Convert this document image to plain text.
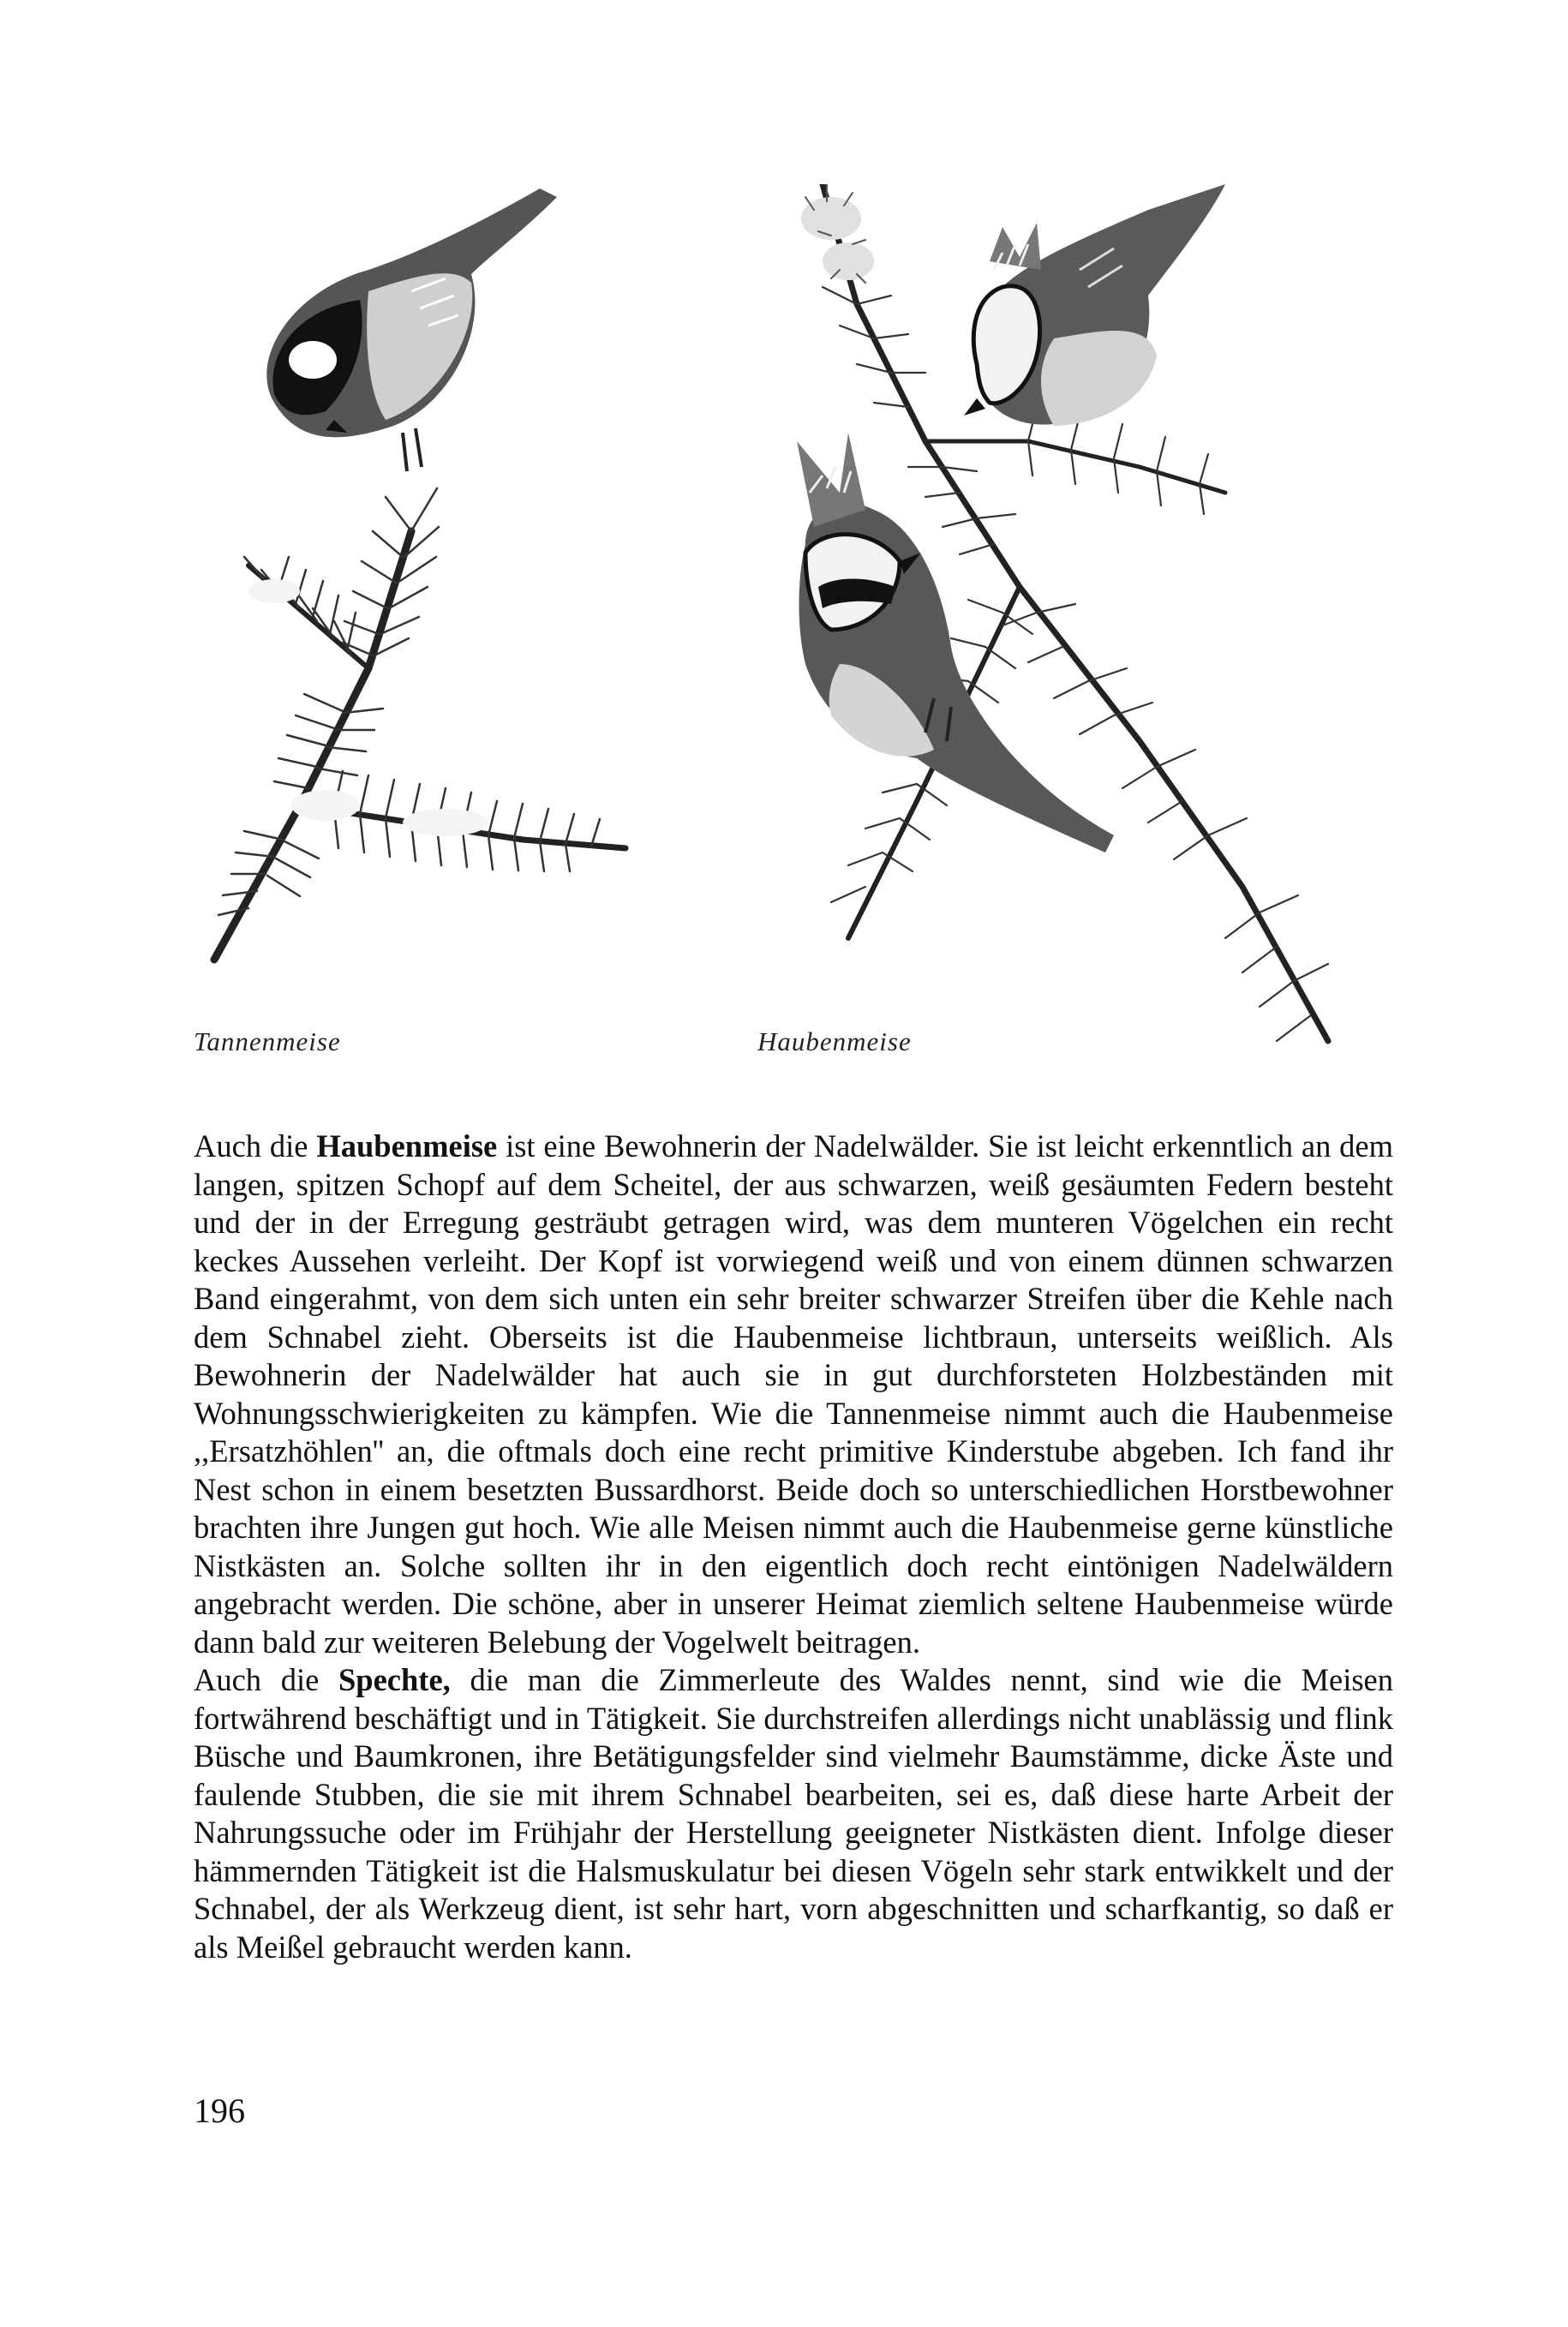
Tannenmeise	Haubenmeise

Auch die Haubenmeise ist eine Bewohnerin der Nadelwälder. Sie ist leicht erkenntlich an dem langen, spitzen Schopf auf dem Scheitel, der aus schwarzen, weiß gesäumten Federn besteht und der in der Erregung gesträubt getragen wird, was dem munteren Vögelchen ein recht keckes Aussehen verleiht. Der Kopf ist vorwiegend weiß und von einem dünnen schwarzen Band eingerahmt, von dem sich unten ein sehr breiter schwarzer Streifen über die Kehle nach dem Schnabel zieht. Oberseits ist die Haubenmeise lichtbraun, unterseits weißlich. Als Bewohnerin der Nadelwälder hat auch sie in gut durchforsteten Holzbeständen mit Wohnungsschwierigkeiten zu kämpfen. Wie die Tannenmeise nimmt auch die Haubenmeise ,,Ersatzhöhlen'' an, die oftmals doch eine recht primitive Kinderstube abgeben. Ich fand ihr Nest schon in einem besetzten Bussardhorst. Beide doch so unterschiedlichen Horstbewohner brachten ihre Jungen gut hoch. Wie alle Meisen nimmt auch die Haubenmeise gerne künstliche Nistkästen an. Solche sollten ihr in den eigentlich doch recht eintönigen Nadelwäldern angebracht werden. Die schöne, aber in unserer Heimat ziemlich seltene Haubenmeise würde dann bald zur weiteren Belebung der Vogelwelt beitragen.

Auch die Spechte, die man die Zimmerleute des Waldes nennt, sind wie die Meisen fortwährend beschäftigt und in Tätigkeit. Sie durchstreifen allerdings nicht unablässig und flink Büsche und Baumkronen, ihre Betätigungsfelder sind vielmehr Baumstämme, dicke Äste und faulende Stubben, die sie mit ihrem Schnabel bearbeiten, sei es, daß diese harte Arbeit der Nahrungssuche oder im Frühjahr der Herstellung geeigneter Nistkästen dient. Infolge dieser hämmernden Tätigkeit ist die Halsmuskulatur bei diesen Vögeln sehr stark entwikkelt und der Schnabel, der als Werkzeug dient, ist sehr hart, vorn abgeschnitten und scharfkantig, so daß er als Meißel gebraucht werden kann.

196
